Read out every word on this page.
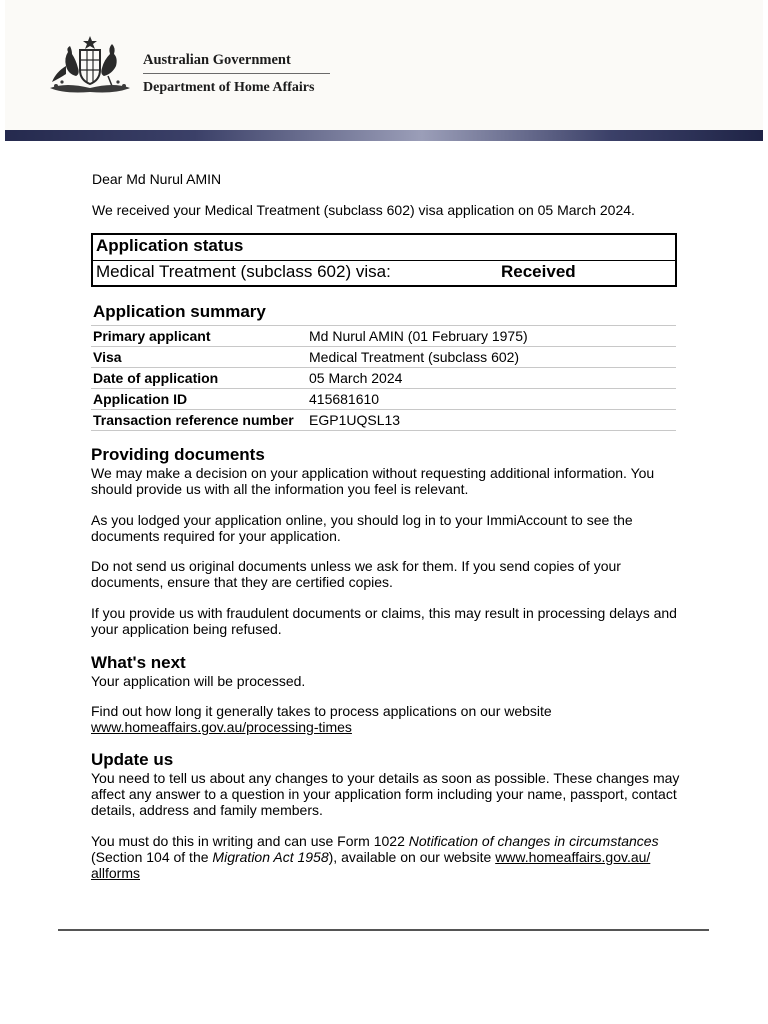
Australian Government
Department of Home Affairs
Dear Md Nurul AMIN
We received your Medical Treatment (subclass 602) visa application on 05 March 2024.
Application status
Medical Treatment (subclass 602) visa:	Received
Application summary
Primary applicant	Md Nurul AMIN (01 February 1975)
Visa	Medical Treatment (subclass 602)
Date of application	05 March 2024
Application ID	415681610
Transaction reference number EGP1UQSL13
Providing documents
We may make a decision on your application without requesting additional information. You should provide us with all the information you feel is relevant.
As you lodged your application online, you should log in to your ImmiAccount to see the documents required for your application.
Do not send us original documents unless we ask for them. If you send copies of your documents, ensure that they are certified copies.
If you provide us with fraudulent documents or claims, this may result in processing delays and your application being refused.
What's next
Your application will be processed.
Find out how long it generally takes to process applications on our website
www.homeaffairs.gov.au/processing-times
Update us
You need to tell us about any changes to your details as soon as possible. These changes may affect any answer to a question in your application form including your name, passport, contact details, address and family members.
You must do this in writing and can use Form 1022 Notification of changes in circumstances (Section 104 of the Migration Act 1958), available on our website www.homeaffairs.gov.au/ allforms
